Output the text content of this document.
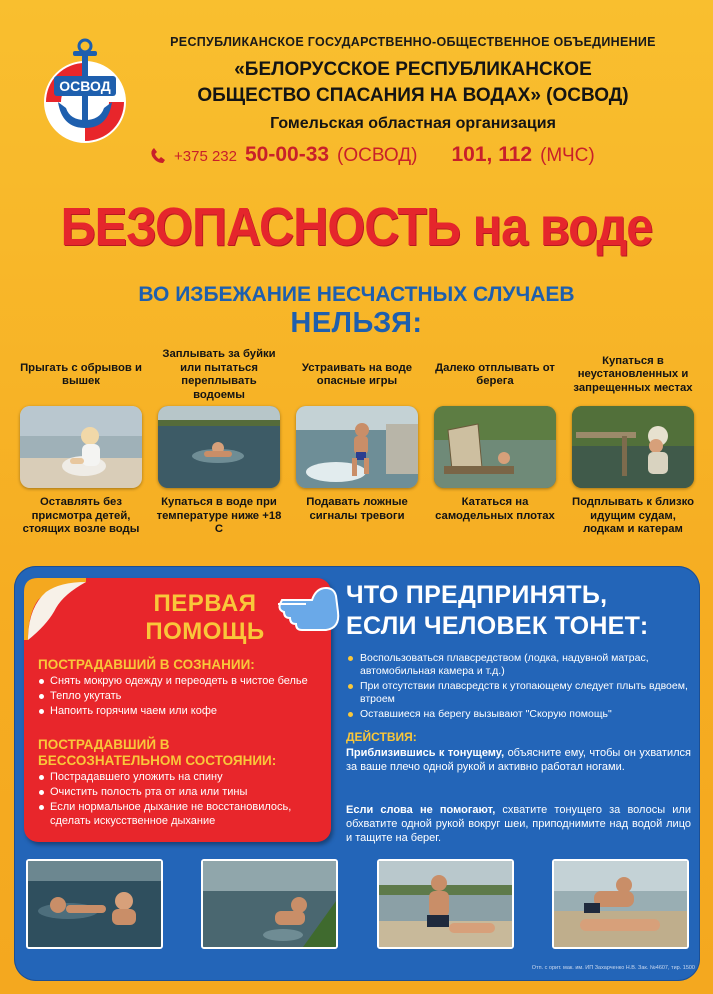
ОСВОД
РЕСПУБЛИКАНСКОЕ ГОСУДАРСТВЕННО-ОБЩЕСТВЕННОЕ ОБЪЕДИНЕНИЕ
«БЕЛОРУССКОЕ РЕСПУБЛИКАНСКОЕ
ОБЩЕСТВО СПАСАНИЯ НА ВОДАХ» (ОСВОД)
Гомельская областная организация
+375 232 50-00-33 (ОСВОД) 101, 112 (МЧС)
БЕЗОПАСНОСТЬ на воде
ВО ИЗБЕЖАНИЕ НЕСЧАСТНЫХ СЛУЧАЕВ
НЕЛЬЗЯ:
Прыгать с обрывов и вышек
Оставлять без присмотра детей, стоящих возле воды
Заплывать за буйки или пытаться переплывать водоемы
Купаться в воде при температуре ниже +18 С
Устраивать на воде опасные игры
Подавать ложные сигналы тревоги
Далеко отплывать от берега
Кататься на самодельных плотах
Купаться в неустановленных и запрещенных местах
Подплывать к близко идущим судам, лодкам и катерам
ПЕРВАЯ
ПОМОЩЬ
ПОСТРАДАВШИЙ В СОЗНАНИИ:
Снять мокрую одежду и переодеть в чистое белье
Тепло укутать
Напоить горячим чаем или кофе
ПОСТРАДАВШИЙ В
БЕССОЗНАТЕЛЬНОМ СОСТОЯНИИ:
Пострадавшего уложить на спину
Очистить полость рта от ила или тины
Если нормальное дыхание не восстановилось, сделать искусственное дыхание
ЧТО ПРЕДПРИНЯТЬ,
ЕСЛИ ЧЕЛОВЕК ТОНЕТ:
Воспользоваться плавсредством (лодка, надувной матрас, автомобильная камера и т.д.)
При отсутствии плавсредств к утопающему следует плыть вдвоем, втроем
Оставшиеся на берегу вызывают "Скорую помощь"
ДЕЙСТВИЯ:
Приблизившись к тонущему, объясните ему, чтобы он ухватился за ваше плечо одной рукой и активно работал ногами.
Если слова не помогают, схватите тонущего за волосы или обхватите одной рукой вокруг шеи, приподнимите над водой лицо и тащите на берег.
Отп. с орит. мак. им. ИП Захарченко Н.В. Зак. №4607, тир. 1500
